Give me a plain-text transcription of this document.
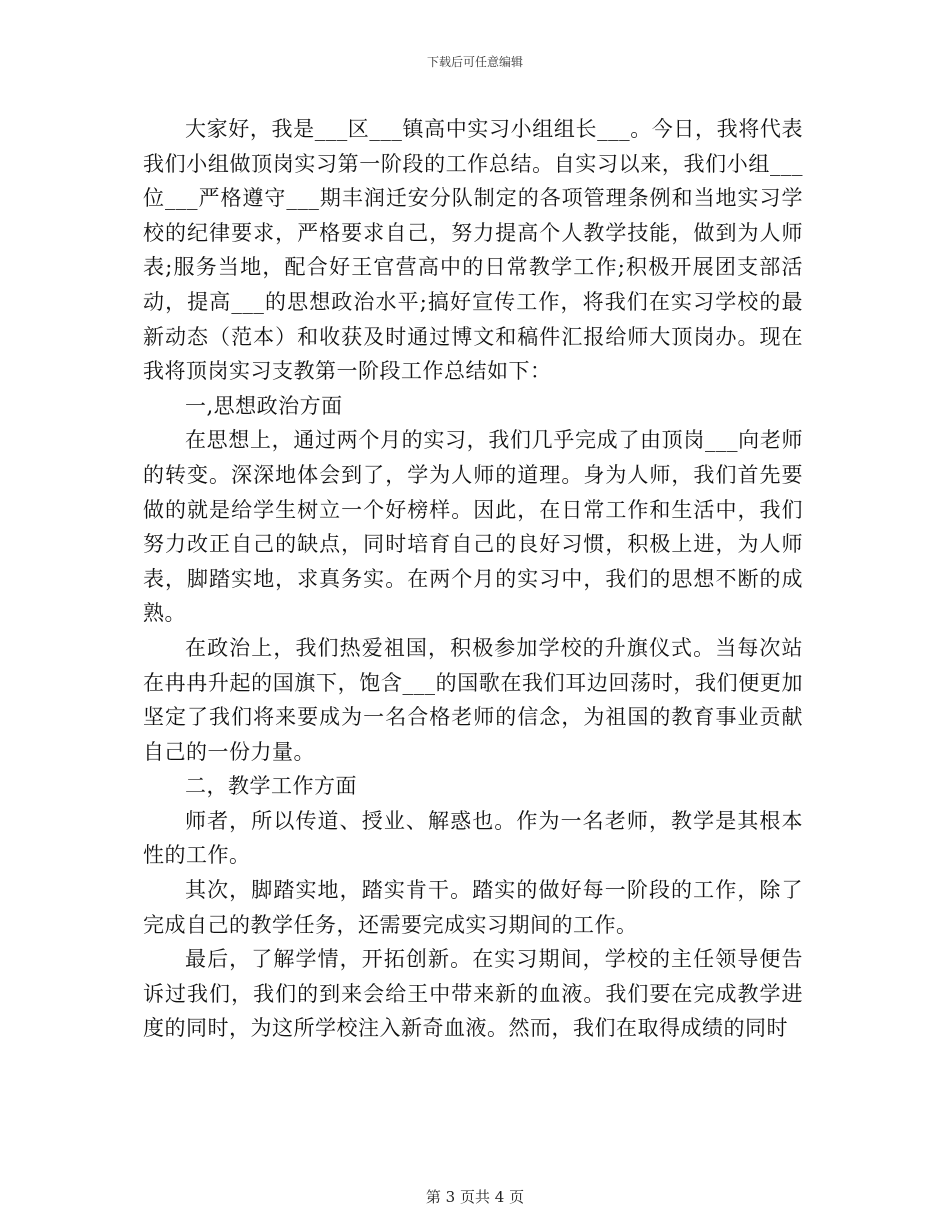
下载后可任意编辑

大家好，我是___区___镇高中实习小组组长___。今日，我将代表我们小组做顶岗实习第一阶段的工作总结。自实习以来，我们小组___位___严格遵守___期丰润迁安分队制定的各项管理条例和当地实习学校的纪律要求，严格要求自己，努力提高个人教学技能，做到为人师表;服务当地，配合好王官营高中的日常教学工作;积极开展团支部活动，提高___的思想政治水平;搞好宣传工作，将我们在实习学校的最新动态（范本）和收获及时通过博文和稿件汇报给师大顶岗办。现在我将顶岗实习支教第一阶段工作总结如下：

一,思想政治方面

在思想上，通过两个月的实习，我们几乎完成了由顶岗___向老师的转变。深深地体会到了，学为人师的道理。身为人师，我们首先要做的就是给学生树立一个好榜样。因此，在日常工作和生活中，我们努力改正自己的缺点，同时培育自己的良好习惯，积极上进，为人师表，脚踏实地，求真务实。在两个月的实习中，我们的思想不断的成熟。

在政治上，我们热爱祖国，积极参加学校的升旗仪式。当每次站在冉冉升起的国旗下，饱含___的国歌在我们耳边回荡时，我们便更加坚定了我们将来要成为一名合格老师的信念，为祖国的教育事业贡献自己的一份力量。

二，教学工作方面

师者，所以传道、授业、解惑也。作为一名老师，教学是其根本性的工作。

其次，脚踏实地，踏实肯干。踏实的做好每一阶段的工作，除了完成自己的教学任务，还需要完成实习期间的工作。

最后，了解学情，开拓创新。在实习期间，学校的主任领导便告诉过我们，我们的到来会给王中带来新的血液。我们要在完成教学进度的同时，为这所学校注入新奇血液。然而，我们在取得成绩的同时

第 3 页共 4 页
